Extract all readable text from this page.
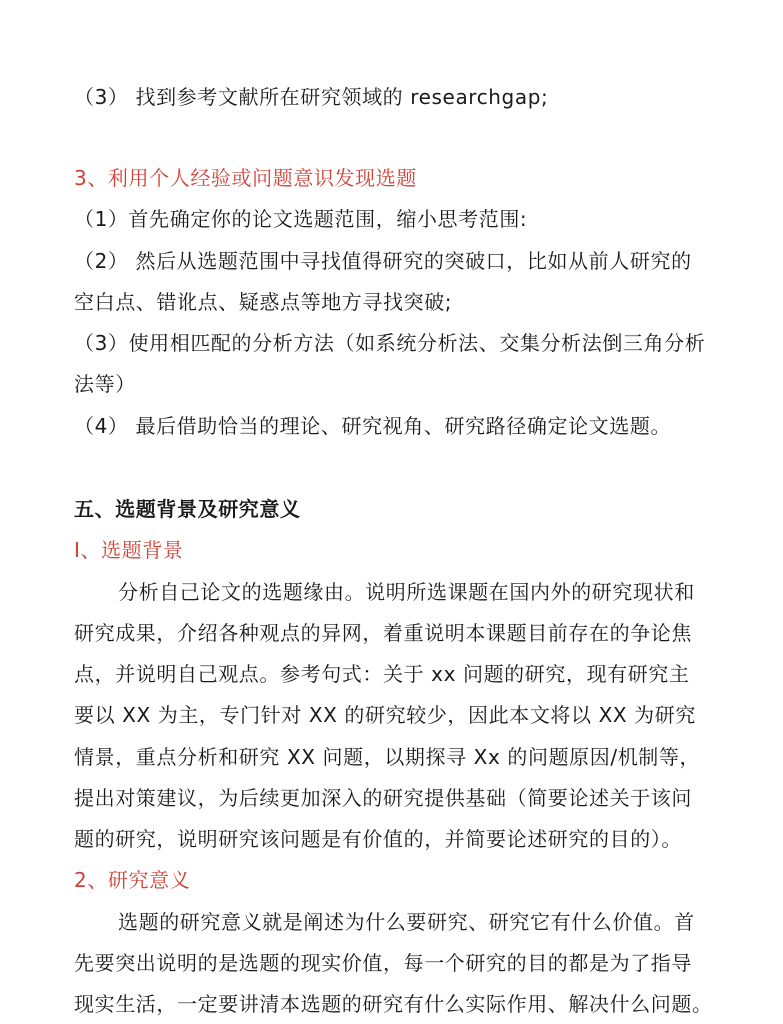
（3） 找到参考文献所在研究领域的 researchgap;
3、利用个人经验或问题意识发现选题
（1）首先确定你的论文选题范围，缩小思考范围:
（2） 然后从选题范围中寻找值得研究的突破口，比如从前人研究的
空白点、错讹点、疑惑点等地方寻找突破;
（3）使用相匹配的分析方法（如系统分析法、交集分析法倒三角分析
法等）
（4） 最后借助恰当的理论、研究视角、研究路径确定论文选题。
五、选题背景及研究意义
I、选题背景
分析自己论文的选题缘由。说明所选课题在国内外的研究现状和
研究成果，介绍各种观点的异网，着重说明本课题目前存在的争论焦
点，并说明自己观点。参考句式：关于 xx 问题的研究，现有研究主
要以 XX 为主，专门针对 XX 的研究较少，因此本文将以 XX 为研究
情景，重点分析和研究 XX 问题，以期探寻 Xx 的问题原因/机制等，
提出对策建议，为后续更加深入的研究提供基础（简要论述关于该问
题的研究，说明研究该问题是有价值的，并简要论述研究的目的）。
2、研究意义
选题的研究意义就是阐述为什么要研究、研究它有什么价值。首
先要突出说明的是选题的现实价值，每一个研究的目的都是为了指导
现实生活，一定要讲清本选题的研究有什么实际作用、解决什么问题。
